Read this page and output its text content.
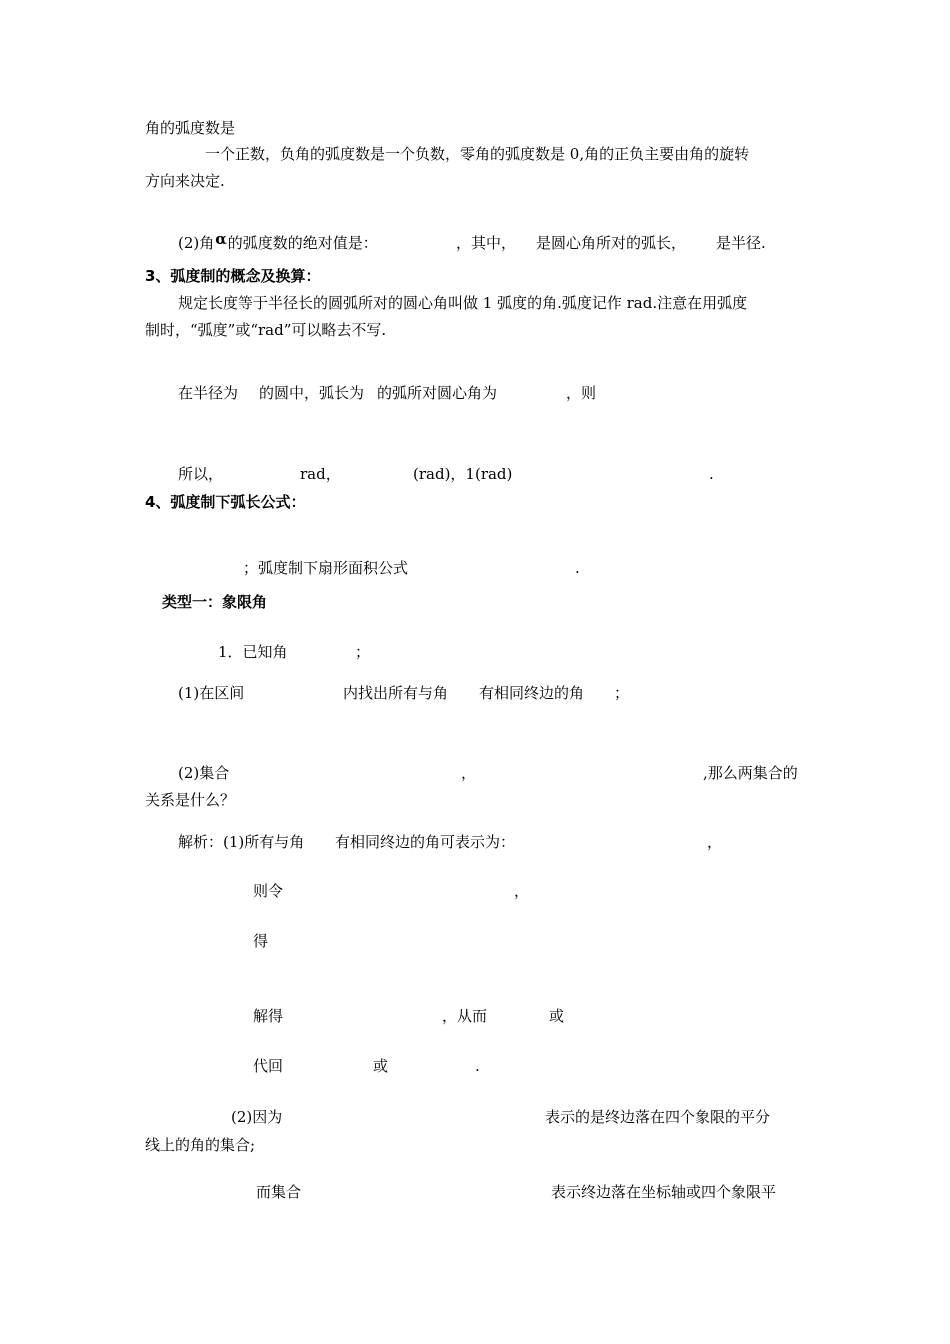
角的弧度数是
一个正数，负角的弧度数是一个负数，零角的弧度数是 0,角的正负主要由角的旋转
方向来决定.
(2)角α的弧度数的绝对值是：	，其中， 是圆心角所对的弧长， 是半径.
3、弧度制的概念及换算：
规定长度等于半径长的圆弧所对的圆心角叫做 1 弧度的角.弧度记作 rad.注意在用弧度
制时，“弧度”或“rad”可以略去不写.
在半径为 的圆中，弧长为 的弧所对圆心角为	，则
所以，	rad，	(rad)，1(rad)	.
4、弧度制下弧长公式：
；弧度制下扇形面积公式	.
类型一：象限角
1．已知角	；
(1)在区间	内找出所有与角 有相同终边的角 ；
(2)集合	，	,那么两集合的
关系是什么？
解析：(1)所有与角 有相同终边的角可表示为：	，
则令	，
得
解得	，从而	或
代回	或	.
(2)因为	表示的是终边落在四个象限的平分
线上的角的集合;
而集合	表示终边落在坐标轴或四个象限平
